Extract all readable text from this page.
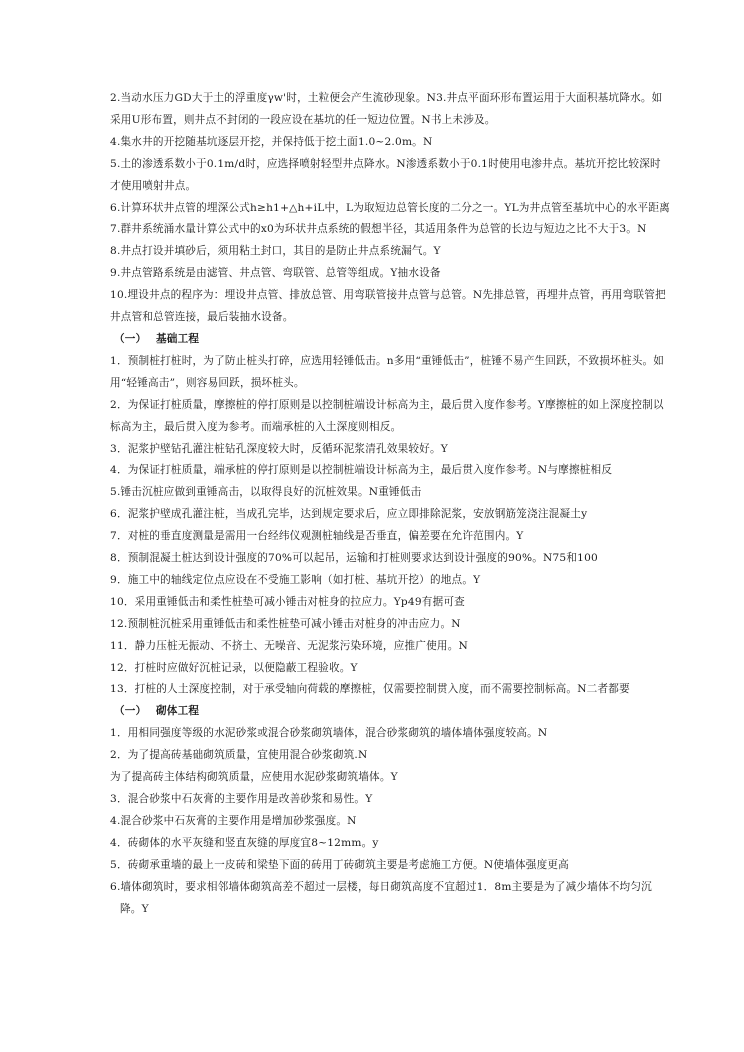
2.当动水压力GD大于土的浮重度γw'时，土粒便会产生流砂现象。N3.井点平面环形布置运用于大面积基坑降水。如采用U形布置，则井点不封闭的一段应设在基坑的任一短边位置。N书上未涉及。

4.集水井的开挖随基坑逐层开挖，并保持低于挖土面1.0~2.0m。N

5.土的渗透系数小于0.1m/d时，应选择喷射轻型井点降水。N渗透系数小于0.1时使用电渗井点。基坑开挖比较深时才使用喷射井点。

6.计算环状井点管的埋深公式h≥h1+△h+iL中，L为取短边总管长度的二分之一。YL为井点管至基坑中心的水平距离

7.群井系统涌水量计算公式中的x0为环状井点系统的假想半径，其适用条件为总管的长边与短边之比不大于3。N

8.井点打设并填砂后，须用粘土封口，其目的是防止井点系统漏气。Y

9.井点管路系统是由滤管、井点管、弯联管、总管等组成。Y抽水设备

10.埋设井点的程序为：埋设井点管、排放总管、用弯联管接井点管与总管。N先排总管，再埋井点管，再用弯联管把井点管和总管连接，最后装抽水设备。

（一） 基础工程

1．预制桩打桩时，为了防止桩头打碎，应选用轻锤低击。n多用“重锤低击”，桩锤不易产生回跃，不致损坏桩头。如用“轻锤高击”，则容易回跃，损坏桩头。

2．为保证打桩质量，摩擦桩的停打原则是以控制桩端设计标高为主，最后贯入度作参考。Y摩擦桩的如上深度控制以标高为主，最后贯入度为参考。而端承桩的入土深度则相反。

3．泥浆护壁钻孔灌注桩钻孔深度较大时，反循环泥浆清孔效果较好。Y

4．为保证打桩质量，端承桩的停打原则是以控制桩端设计标高为主，最后贯入度作参考。N与摩擦桩相反

5.锤击沉桩应做到重锤高击，以取得良好的沉桩效果。N重锤低击

6．泥浆护壁成孔灌注桩，当成孔完毕，达到规定要求后，应立即排除泥浆，安放钢筋笼浇注混凝土y

7．对桩的垂直度测量是需用一台经纬仪观测桩轴线是否垂直，偏差要在允许范围内。Y

8．预制混凝土桩达到设计强度的70%可以起吊，运输和打桩则要求达到设计强度的90%。N75和100

9．施工中的轴线定位点应设在不受施工影响（如打桩、基坑开挖）的地点。Y

10．采用重锤低击和柔性桩垫可减小锤击对桩身的拉应力。Yp49有据可查

12.预制桩沉桩采用重锤低击和柔性桩垫可减小锤击对桩身的冲击应力。N

11．静力压桩无振动、不挤土、无噪音、无泥浆污染环境，应推广使用。N

12．打桩时应做好沉桩记录，以便隐蔽工程验收。Y

13．打桩的人土深度控制，对于承受轴向荷载的摩擦桩，仅需要控制贯入度，而不需要控制标高。N二者都要

（一） 砌体工程

1．用相同强度等级的水泥砂浆或混合砂浆砌筑墙体，混合砂浆砌筑的墙体墙体强度较高。N

2．为了提高砖基础砌筑质量，宜使用混合砂浆砌筑.N

为了提高砖主体结构砌筑质量，应使用水泥砂浆砌筑墙体。Y

3．混合砂浆中石灰膏的主要作用是改善砂浆和易性。Y

4.混合砂浆中石灰膏的主要作用是增加砂浆强度。N

4．砖砌体的水平灰缝和竖直灰缝的厚度宜8~12mm。y

5．砖砌承重墙的最上一皮砖和梁垫下面的砖用丁砖砌筑主要是考虑施工方便。N使墙体强度更高

6.墙体砌筑时，要求相邻墙体砌筑高差不超过一层楼，每日砌筑高度不宜超过1．8m主要是为了减少墙体不均匀沉降。Y
